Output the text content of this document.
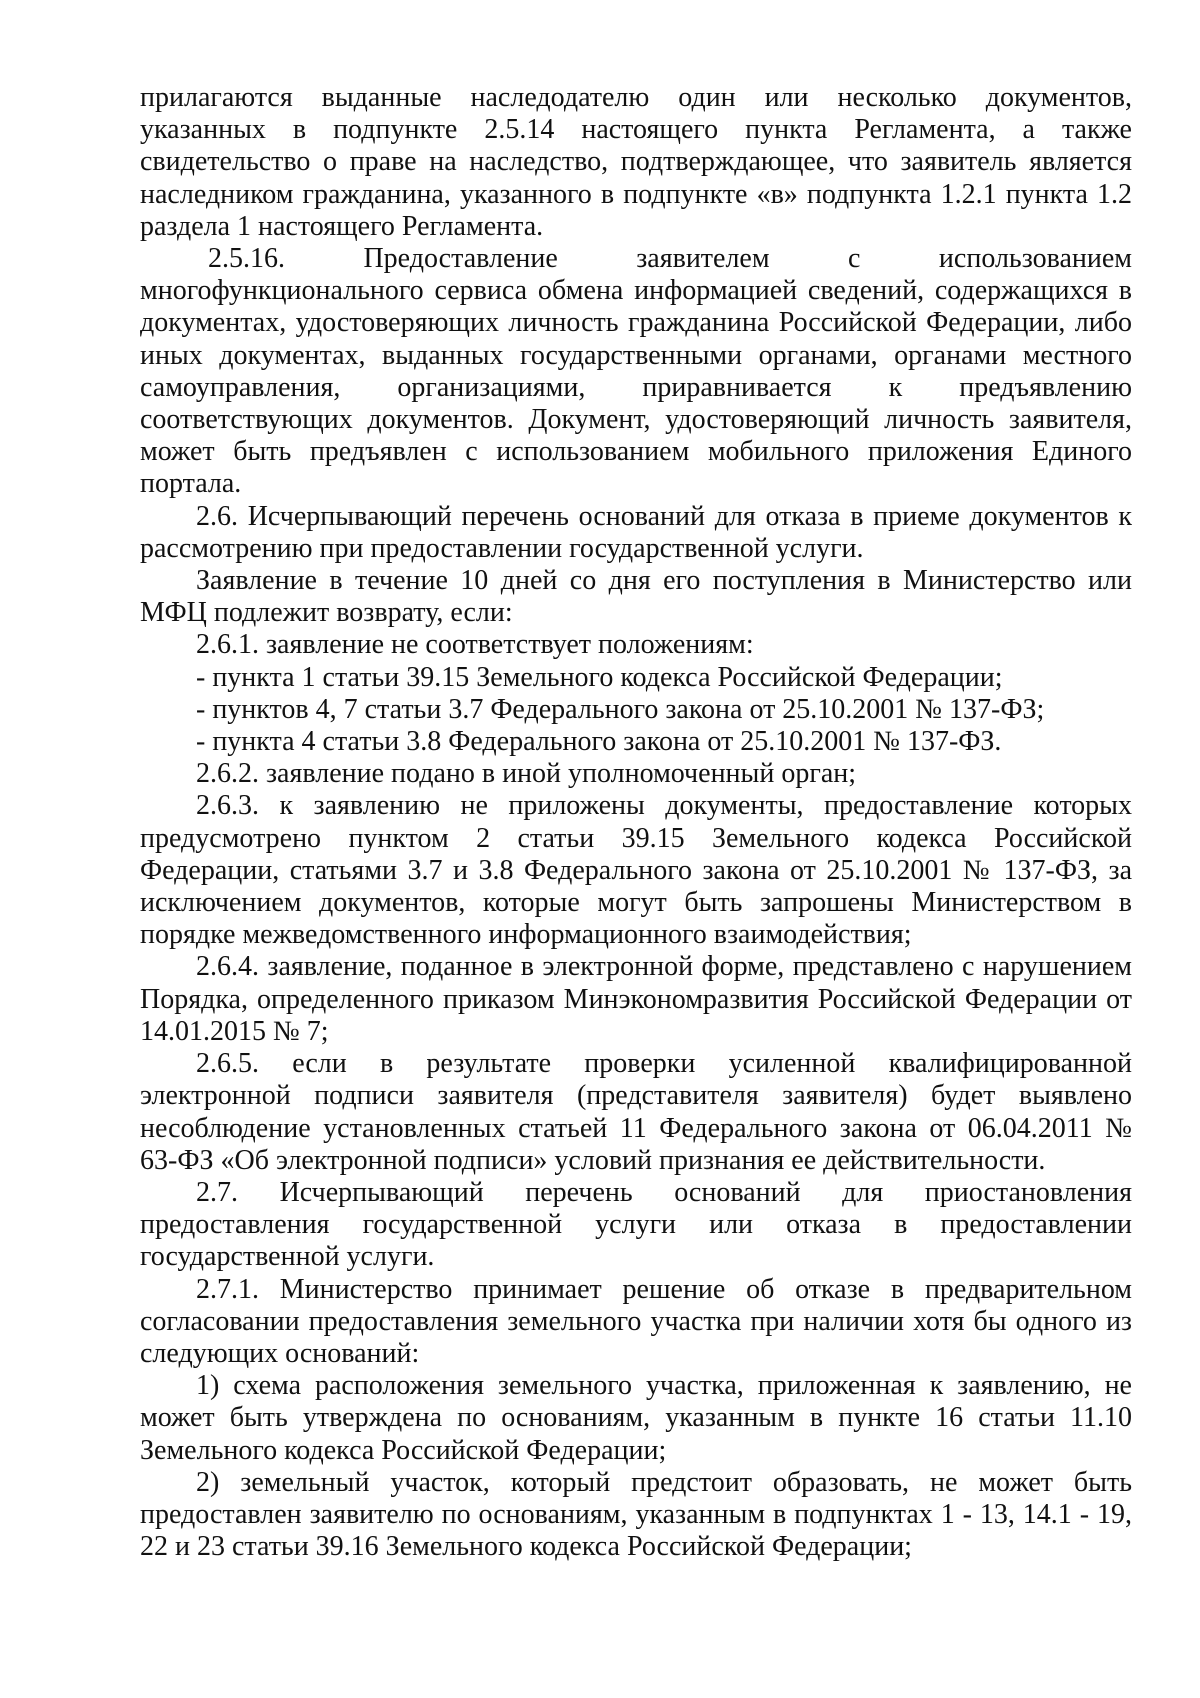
прилагаются выданные наследодателю один или несколько документов, указанных в подпункте 2.5.14 настоящего пункта Регламента, а также свидетельство о праве на наследство, подтверждающее, что заявитель является наследником гражданина, указанного в подпункте «в» подпункта 1.2.1 пункта 1.2 раздела 1 настоящего Регламента.

2.5.16. Предоставление заявителем с использованием многофункционального сервиса обмена информацией сведений, содержащихся в документах, удостоверяющих личность гражданина Российской Федерации, либо иных документах, выданных государственными органами, органами местного самоуправления, организациями, приравнивается к предъявлению соответствующих документов. Документ, удостоверяющий личность заявителя, может быть предъявлен с использованием мобильного приложения Единого портала.

2.6. Исчерпывающий перечень оснований для отказа в приеме документов к рассмотрению при предоставлении государственной услуги.

Заявление в течение 10 дней со дня его поступления в Министерство или МФЦ подлежит возврату, если:

2.6.1. заявление не соответствует положениям:

- пункта 1 статьи 39.15 Земельного кодекса Российской Федерации;

- пунктов 4, 7 статьи 3.7 Федерального закона от 25.10.2001 № 137-ФЗ;

- пункта 4 статьи 3.8 Федерального закона от 25.10.2001 № 137-ФЗ.

2.6.2. заявление подано в иной уполномоченный орган;

2.6.3. к заявлению не приложены документы, предоставление которых предусмотрено пунктом 2 статьи 39.15 Земельного кодекса Российской Федерации, статьями 3.7 и 3.8 Федерального закона от 25.10.2001 № 137-ФЗ, за исключением документов, которые могут быть запрошены Министерством в порядке межведомственного информационного взаимодействия;

2.6.4. заявление, поданное в электронной форме, представлено с нарушением Порядка, определенного приказом Минэкономразвития Российской Федерации от 14.01.2015 № 7;

2.6.5. если в результате проверки усиленной квалифицированной электронной подписи заявителя (представителя заявителя) будет выявлено несоблюдение установленных статьей 11 Федерального закона от 06.04.2011 № 63-ФЗ «Об электронной подписи» условий признания ее действительности.

2.7. Исчерпывающий перечень оснований для приостановления предоставления государственной услуги или отказа в предоставлении государственной услуги.

2.7.1. Министерство принимает решение об отказе в предварительном согласовании предоставления земельного участка при наличии хотя бы одного из следующих оснований:

1) схема расположения земельного участка, приложенная к заявлению, не может быть утверждена по основаниям, указанным в пункте 16 статьи 11.10 Земельного кодекса Российской Федерации;

2) земельный участок, который предстоит образовать, не может быть предоставлен заявителю по основаниям, указанным в подпунктах 1 - 13, 14.1 - 19, 22 и 23 статьи 39.16 Земельного кодекса Российской Федерации;
